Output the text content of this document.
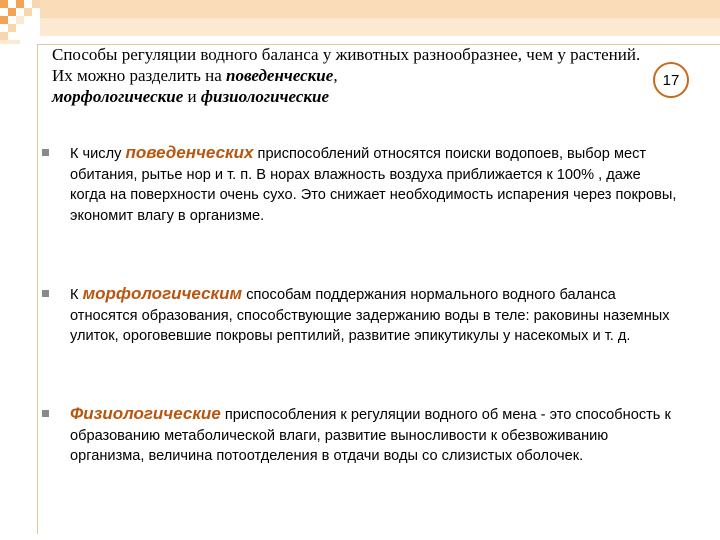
Способы регуляции водного баланса у животных разнообразнее, чем у растений. Их можно разделить на поведенческие,
морфологические и физиологические
17
К числу поведенческих приспособлений относятся поиски водопоев, выбор мест обитания, рытье нор и т. п. В норах влажность воздуха приближается к 100% , даже когда на поверхности очень сухо. Это снижает необходимость испарения через покровы, экономит влагу в организме.
К морфологическим способам поддержания нормального водного баланса относятся образования, способствующие задержанию воды в теле: раковины наземных улиток, ороговевшие покровы рептилий, развитие эпикутикулы у насекомых и т. д.
Физиологические приспособления к регуляции водного об мена - это способность к образованию метаболической влаги, развитие выносливости к обезвоживанию организма, величина потоотделения в отдачи воды со слизистых оболочек.
